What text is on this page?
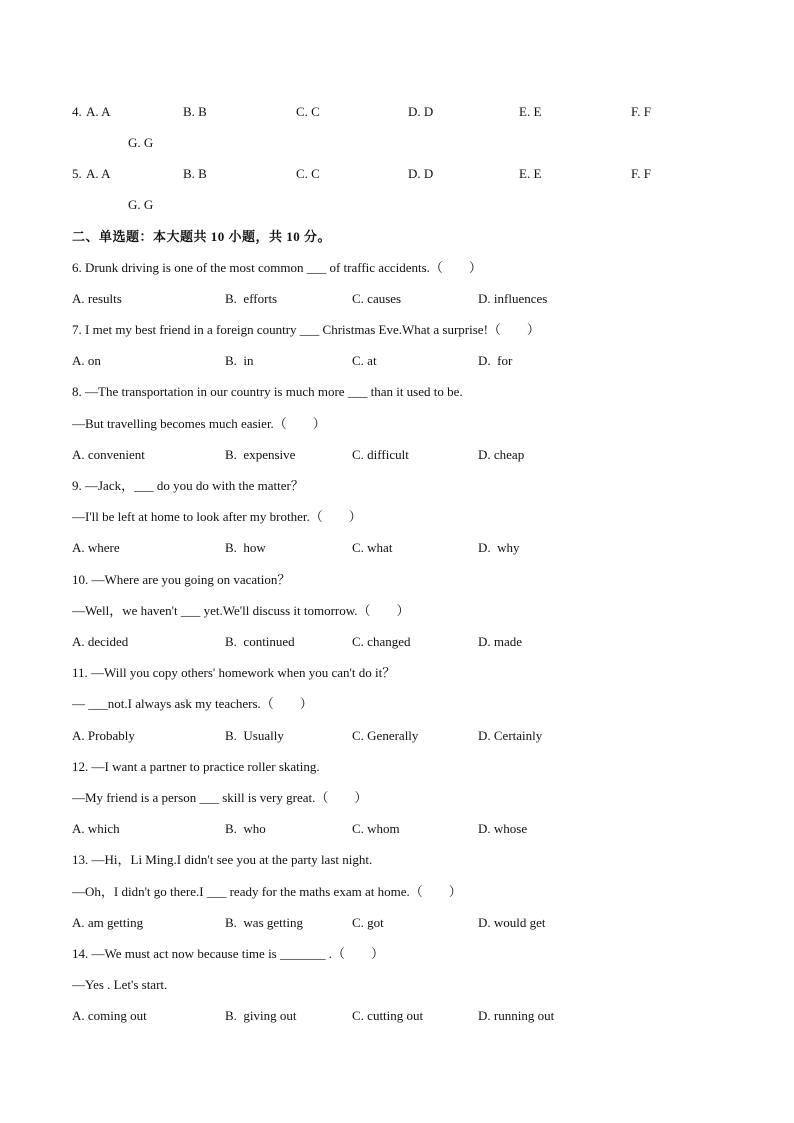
4. A. A	B. B	C. C	D. D	E. E	F. F
G. G
5. A. A	B. B	C. C	D. D	E. E	F. F
G. G
二、单选题：本大题共 10 小题，共 10 分。
6. Drunk driving is one of the most common ___ of traffic accidents.（　　）
A. results	B.  efforts	C. causes	D. influences
7. I met my best friend in a foreign country ___ Christmas Eve.What a surprise!（　　）
A. on	B.  in	C. at	D.  for
8. —The transportation in our country is much more ___ than it used to be.
—But travelling becomes much easier.（　　）
A. convenient	B.  expensive	C. difficult	D. cheap
9. —Jack，___ do you do with the matter？
—I'll be left at home to look after my brother.（　　）
A. where	B.  how	C. what	D.  why
10. —Where are you going on vacation？
—Well，we haven't ___ yet.We'll discuss it tomorrow.（　　）
A. decided	B.  continued	C. changed	D. made
11. —Will you copy others' homework when you can't do it？
— ___not.I always ask my teachers.（　　）
A. Probably	B.  Usually	C. Generally	D. Certainly
12. —I want a partner to practice roller skating.
—My friend is a person ___ skill is very great.（　　）
A. which	B.  who	C. whom	D. whose
13. —Hi，Li Ming.I didn't see you at the party last night.
—Oh，I didn't go there.I ___ ready for the maths exam at home.（　　）
A. am getting	B.  was getting	C. got	D. would get
14. —We must act now because time is _______ .（　　）
—Yes . Let's start.
A. coming out	B.  giving out	C. cutting out	D. running out
